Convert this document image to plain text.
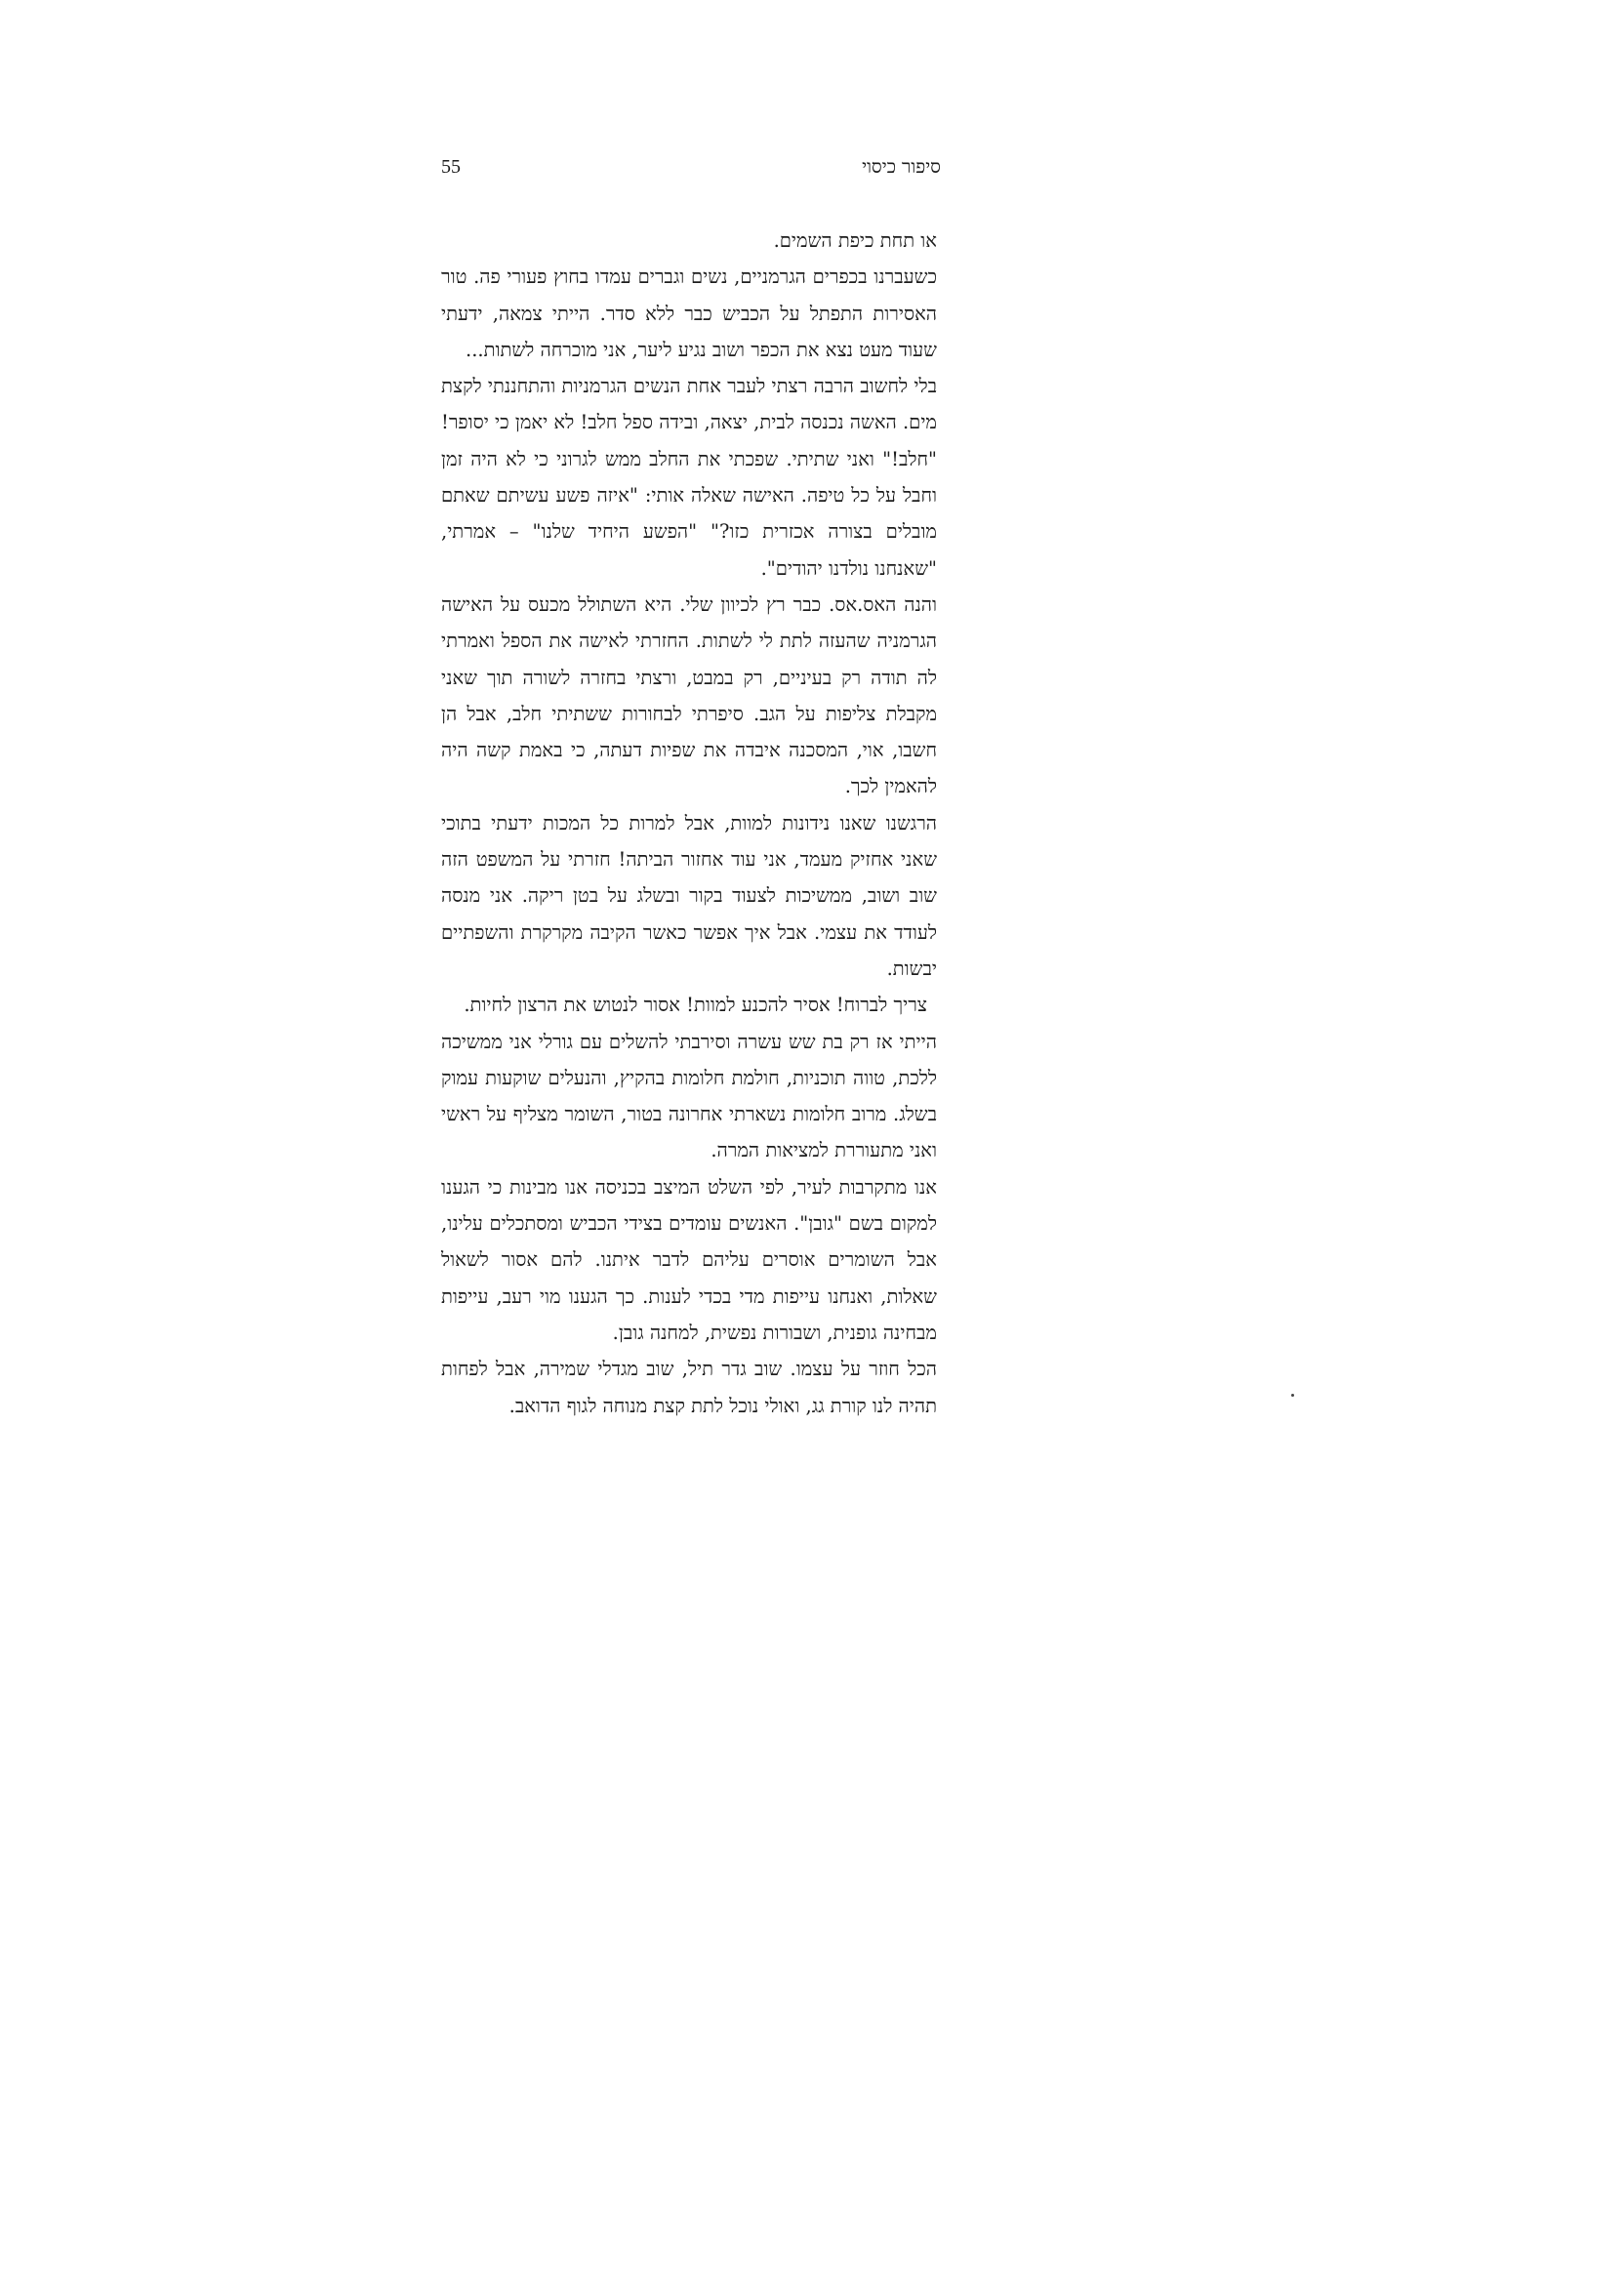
55	סיפור כיסוי

או תחת כיפת השמים.

כשעברנו בכפרים הגרמניים, נשים וגברים עמדו בחוץ פעורי פה. טור האסירות התפתל על הכביש כבר ללא סדר. הייתי צמאה, ידעתי שעוד מעט נצא את הכפר ושוב נגיע ליער, אני מוכרחה לשתות...

בלי לחשוב הרבה רצתי לעבר אחת הנשים הגרמניות והתחננתי לקצת מים. האשה נכנסה לבית, יצאה, ובידה ספל חלב! לא יאמן כי יסופר! "חלב!" ואני שתיתי. שפכתי את החלב ממש לגרוני כי לא היה זמן וחבל על כל טיפה. האישה שאלה אותי: "איזה פשע עשיתם שאתם מובלים בצורה אכזרית כזו?" "הפשע היחיד שלנו" – אמרתי, "שאנחנו נולדנו יהודים".

והנה האס.אס. כבר רץ לכיוון שלי. היא השתולל מכעס על האישה הגרמניה שהעזה לתת לי לשתות. החזרתי לאישה את הספל ואמרתי לה תודה רק בעיניים, רק במבט, ורצתי בחזרה לשורה תוך שאני מקבלת צליפות על הגב. סיפרתי לבחורות ששתיתי חלב, אבל הן חשבו, אוי, המסכנה איבדה את שפיות דעתה, כי באמת קשה היה להאמין לכך.

הרגשנו שאנו נידונות למוות, אבל למרות כל המכות ידעתי בתוכי שאני אחזיק מעמד, אני עוד אחזור הביתה! חזרתי על המשפט הזה שוב ושוב, ממשיכות לצעוד בקור ובשלג על בטן ריקה. אני מנסה לעודד את עצמי. אבל איך אפשר כאשר הקיבה מקרקרת והשפתיים יבשות.

צריך לברוח! אסיר להכנע למוות! אסור לנטוש את הרצון לחיות.

הייתי אז רק בת שש עשרה וסירבתי להשלים עם גורלי אני ממשיכה ללכת, טווה תוכניות, חולמת חלומות בהקיץ, והנעלים שוקעות עמוק בשלג. מרוב חלומות נשארתי אחרונה בטור, השומר מצליף על ראשי ואני מתעוררת למציאות המרה.

אנו מתקרבות לעיר, לפי השלט המיצב בכניסה אנו מבינות כי הגענו למקום בשם "גובן". האנשים עומדים בצידי הכביש ומסתכלים עלינו, אבל השומרים אוסרים עליהם לדבר איתנו. להם אסור לשאול שאלות, ואנחנו עייפות מדי בכדי לענות. כך הגענו מוי רעב, עייפות מבחינה גופנית, ושבורות נפשית, למחנה גובן.

הכל חוזר על עצמו. שוב גדר תיל, שוב מגדלי שמירה, אבל לפחות תהיה לנו קורת גג, ואולי נוכל לתת קצת מנוחה לגוף הדואב.
